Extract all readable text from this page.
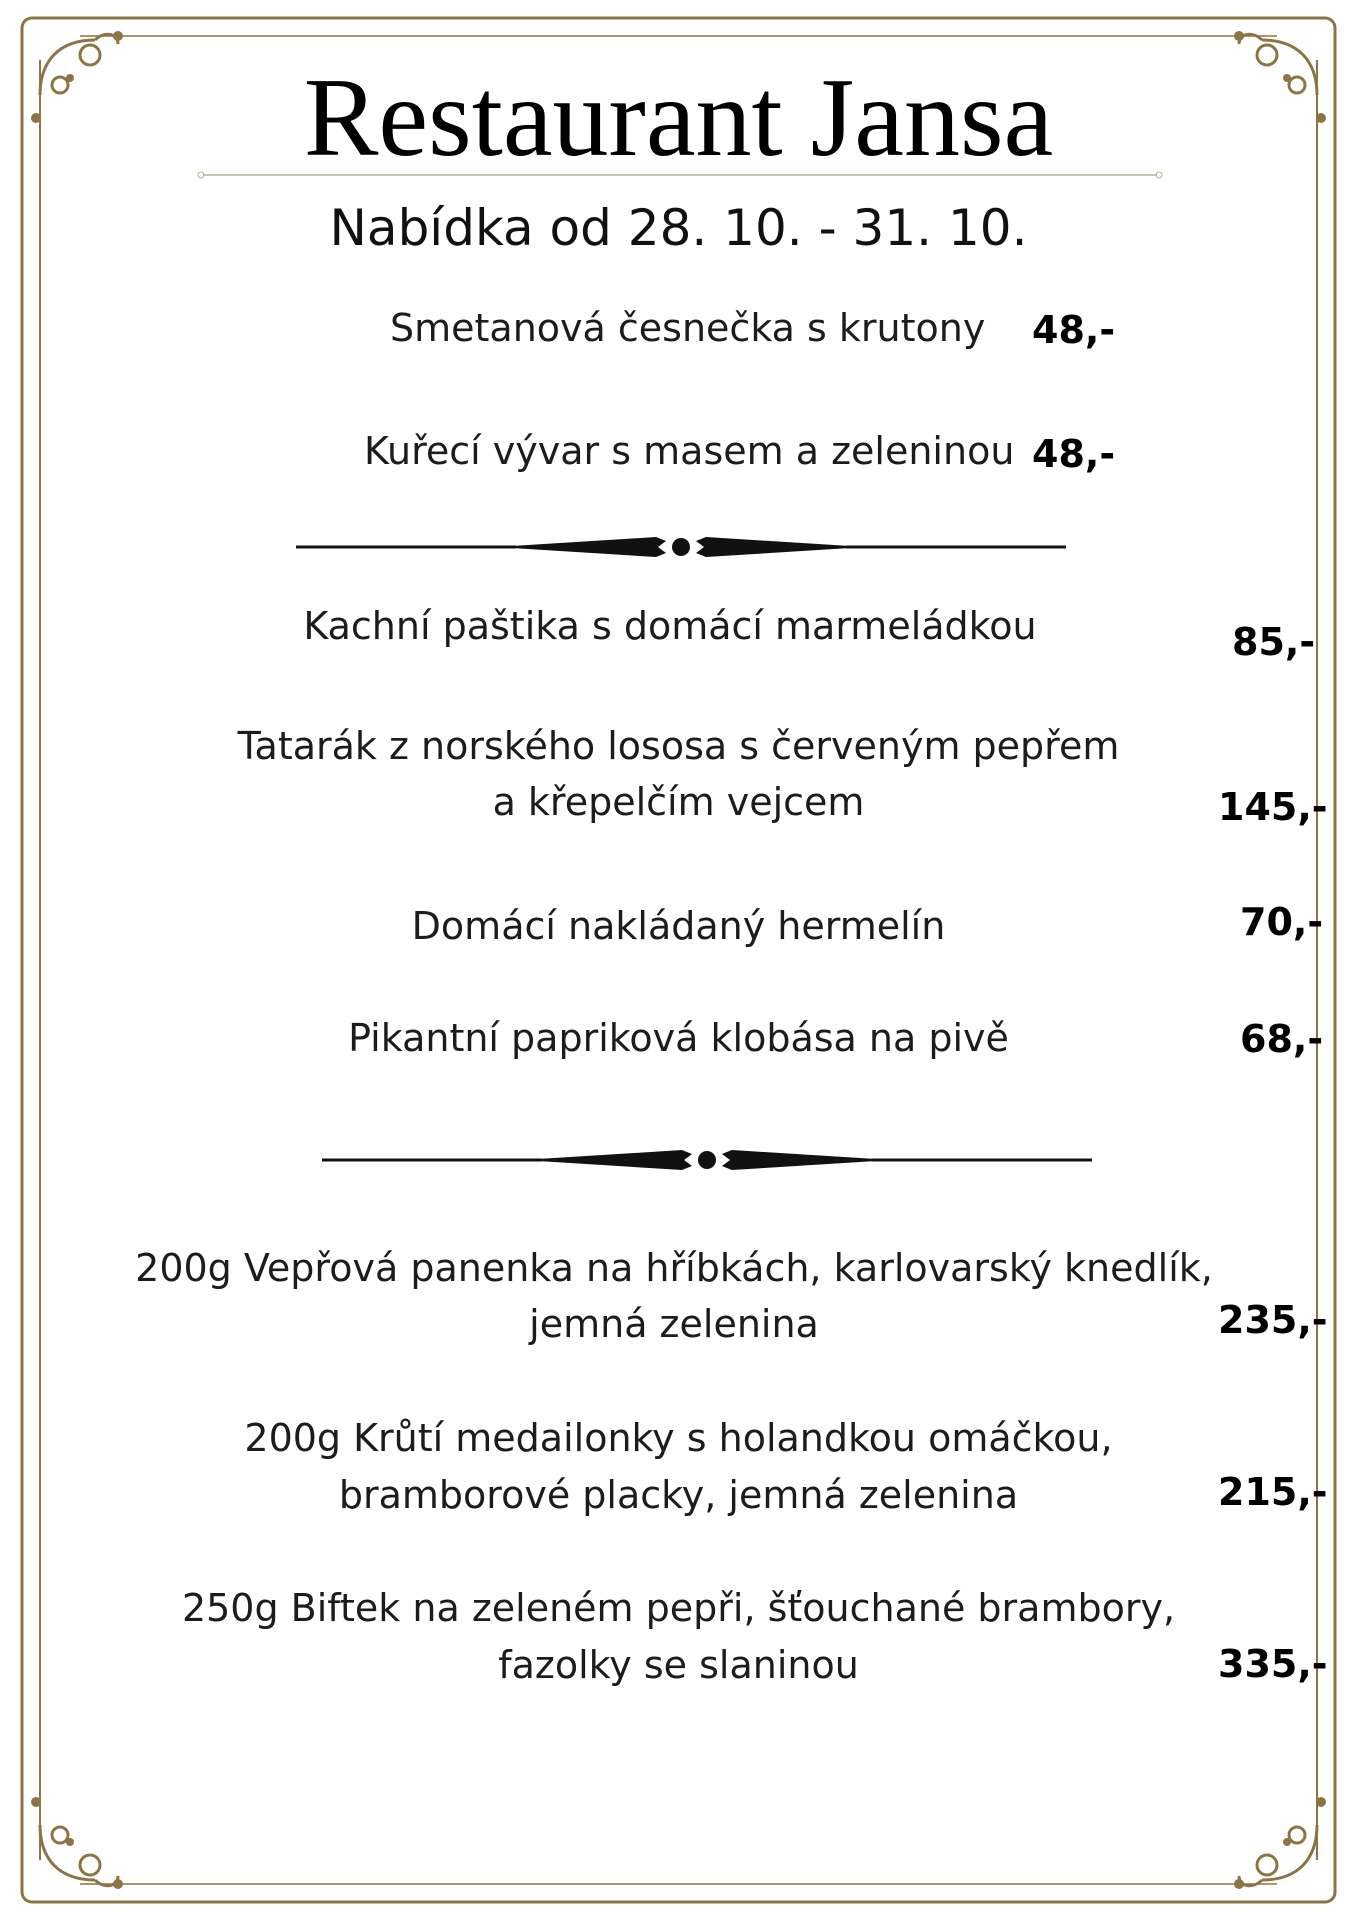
Restaurant Jansa
Nabídka od 28. 10. - 31. 10.
Smetanová česnečka s krutony	48,-
Kuřecí vývar s masem a zeleninou 48,-
Kachní paštika s domácí marmeládkou	85,-
Tatarák z norského lososa s červeným pepřem
a křepelčím vejcem	145,-
Domácí nakládaný hermelín	70,-
Pikantní papriková klobása na pivě	68,-
200g Vepřová panenka na hříbkách, karlovarský knedlík,
jemná zelenina	235,-
200g Krůtí medailonky s holandkou omáčkou,
bramborové placky, jemná zelenina	215,-
250g Biftek na zeleném pepři, šťouchané brambory,
fazolky se slaninou	335,-
